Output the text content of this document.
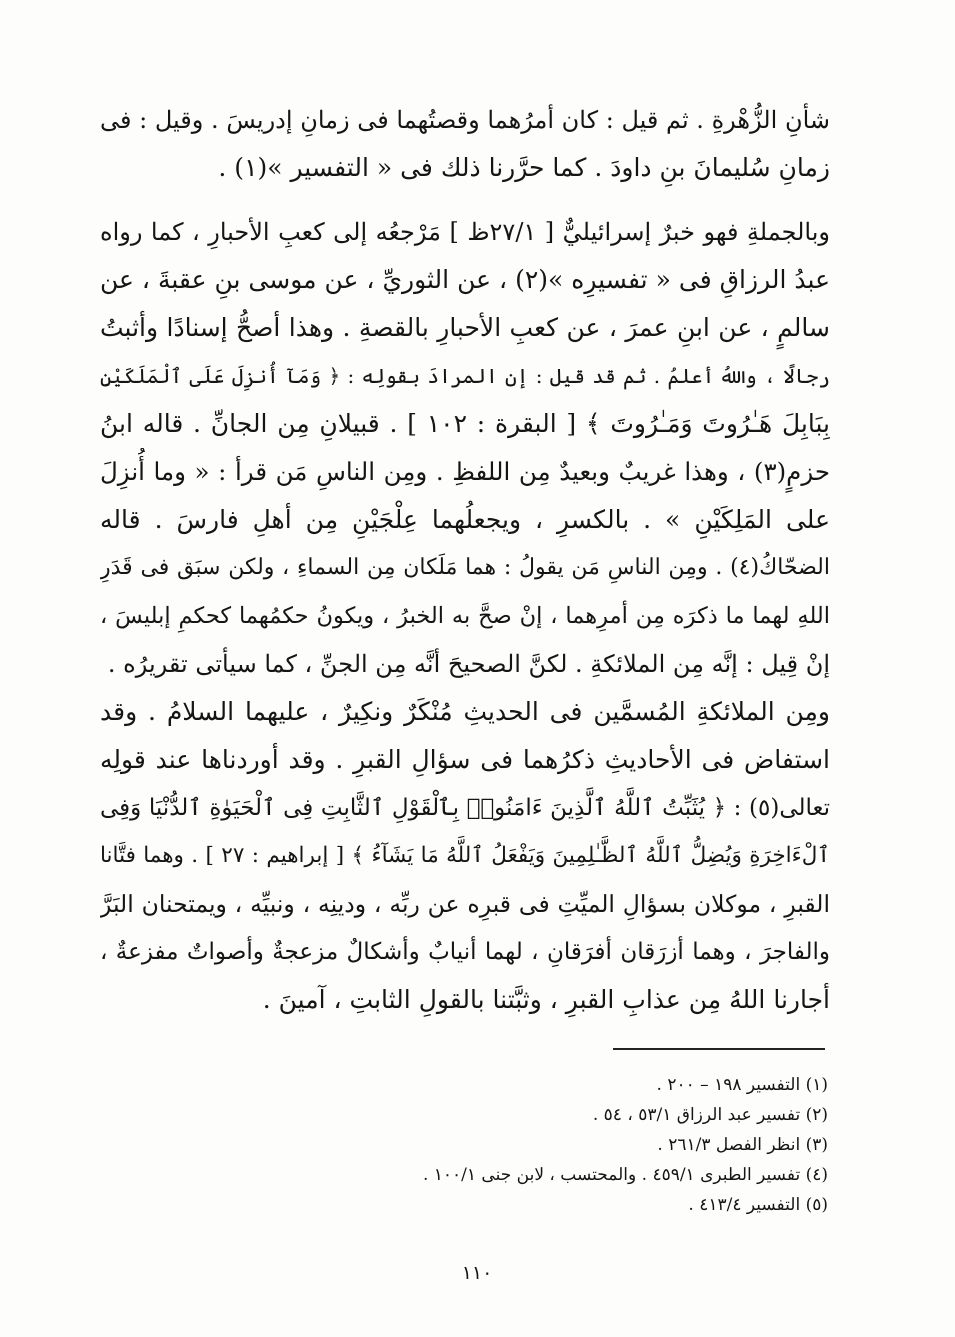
شأنِ الزُّهْرةِ . ثم قيل : كان أمرُهما وقصتُهما فى زمانِ إدريسَ . وقيل : فى
زمانِ سُليمانَ بنِ داودَ . كما حرَّرنا ذلك فى « التفسير »(١) .
وبالجملةِ فهو خبرٌ إسرائيليٌّ [ ٢٧/١ظ ] مَرْجعُه إلى كعبِ الأحبارِ ، كما رواه
عبدُ الرزاقِ فى « تفسيرِه »(٢) ، عن الثوريِّ ، عن موسى بنِ عقبةَ ، عن
سالمٍ ، عن ابنِ عمرَ ، عن كعبِ الأحبارِ بالقصةِ . وهذا أصحُّ إسنادًا وأثبتُ
رجالًا ، واللهُ أعلمُ . ثم قد قيل : إن المرادَ بقولِه : ﴿ وَمَآ أُنزِلَ عَلَى ٱلْمَلَكَيْنِ
بِبَابِلَ هَـٰرُوتَ وَمَـٰرُوتَ ﴾ [ البقرة : ١٠٢ ] . قبيلانِ مِن الجانِّ . قاله ابنُ
حزمٍ(٣) ، وهذا غريبٌ وبعيدٌ مِن اللفظِ . ومِن الناسِ مَن قرأ : « وما أُنزِلَ
على المَلِكَيْنِ » . بالكسرِ ، ويجعلُهما عِلْجَيْنِ مِن أهلِ فارسَ . قاله
الضحّاكُ(٤) . ومِن الناسِ مَن يقولُ : هما مَلَكان مِن السماءِ ، ولكن سبَق فى قَدَرِ
اللهِ لهما ما ذكرَه مِن أمرِهما ، إنْ صحَّ به الخبرُ ، ويكونُ حكمُهما كحكمِ إبليسَ ،
إنْ قِيل : إنَّه مِن الملائكةِ . لكنَّ الصحيحَ أنَّه مِن الجنِّ ، كما سيأتى تقريرُه .
ومِن الملائكةِ المُسمَّين فى الحديثِ مُنْكَرٌ ونكِيرٌ ، عليهما السلامُ . وقد
استفاض فى الأحاديثِ ذكرُهما فى سؤالِ القبرِ . وقد أوردناها عند قولِه
تعالى(٥) : ﴿ يُثَبِّتُ ٱللَّهُ ٱلَّذِينَ ءَامَنُوا۟ بِٱلْقَوْلِ ٱلثَّابِتِ فِى ٱلْحَيَوٰةِ ٱلدُّنْيَا وَفِى
ٱلْءَاخِرَةِ وَيُضِلُّ ٱللَّهُ ٱلظَّـٰلِمِينَ وَيَفْعَلُ ٱللَّهُ مَا يَشَآءُ ﴾ [ إبراهيم : ٢٧ ] . وهما فتَّانا
القبرِ ، موكلان بسؤالِ الميِّتِ فى قبرِه عن ربِّه ، ودينِه ، ونبيِّه ، ويمتحنان البَرَّ
والفاجرَ ، وهما أزرَقان أفرَقانِ ، لهما أنيابٌ وأشكالٌ مزعجةٌ وأصواتٌ مفزعةٌ ،
أجارنا اللهُ مِن عذابِ القبرِ ، وثبَّتنا بالقولِ الثابتِ ، آمينَ .
(١) التفسير ١٩٨ – ٢٠٠ .
(٢) تفسير عبد الرزاق ٥٣/١ ، ٥٤ .
(٣) انظر الفصل ٢٦١/٣ .
(٤) تفسير الطبرى ٤٥٩/١ . والمحتسب ، لابن جنى ١٠٠/١ .
(٥) التفسير ٤١٣/٤ .
١١٠
